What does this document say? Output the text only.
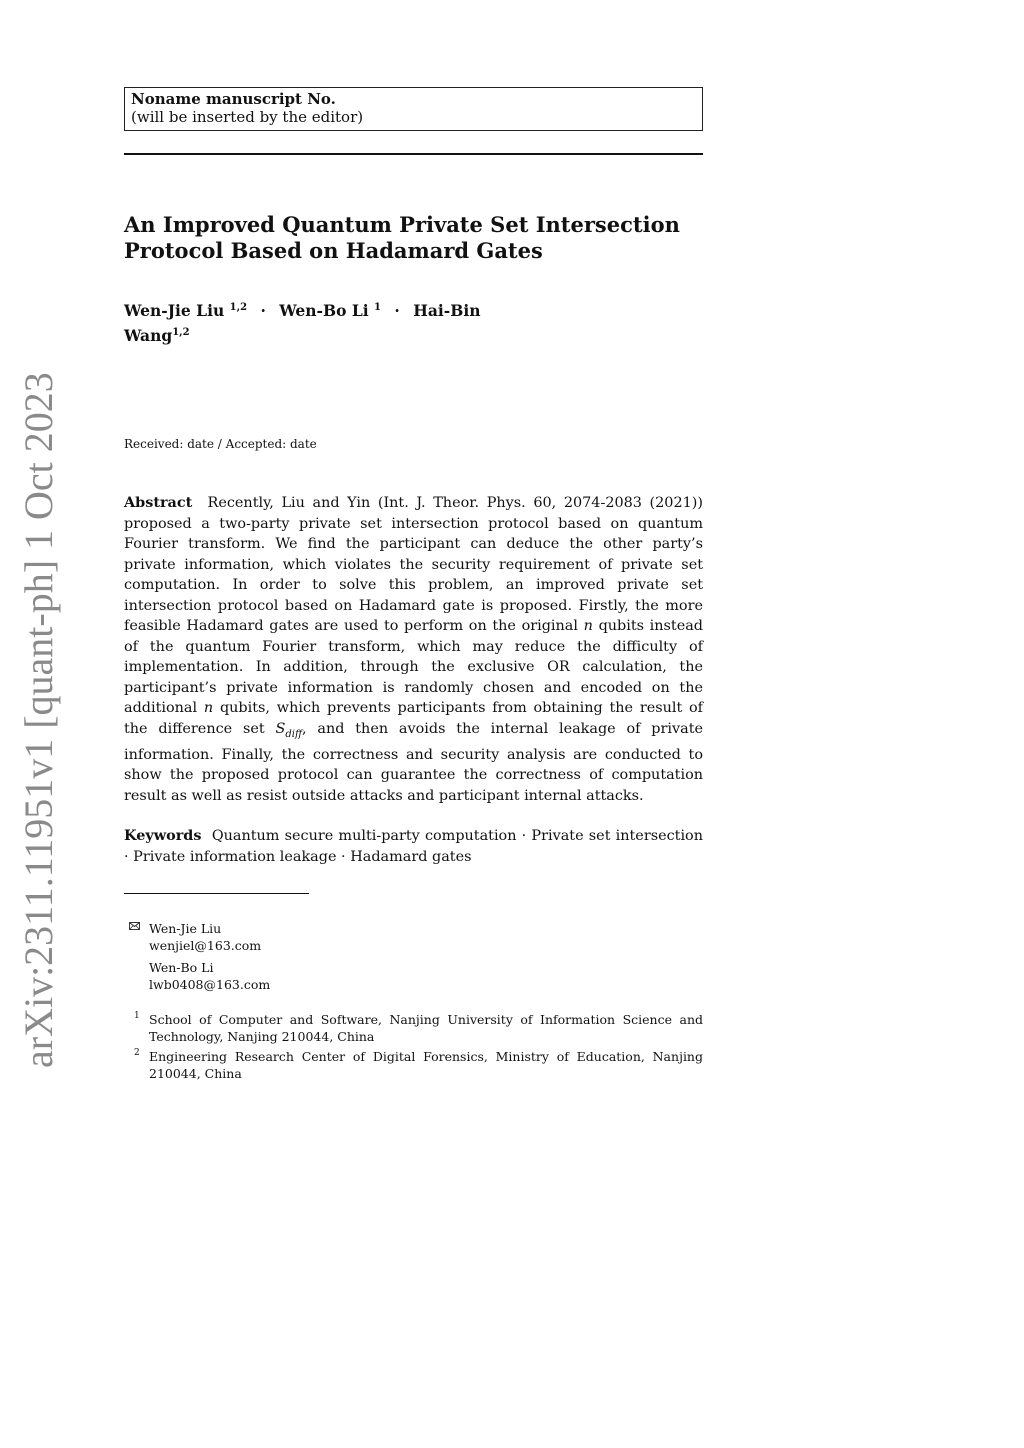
Noname manuscript No.
(will be inserted by the editor)
An Improved Quantum Private Set Intersection Protocol Based on Hadamard Gates
Wen-Jie Liu $^{1,2}$ · Wen-Bo Li $^1$ · Hai-Bin Wang$^{1,2}$
Received: date / Accepted: date

Abstract Recently, Liu and Yin (Int. J. Theor. Phys. 60, 2074-2083 (2021)) proposed a two-party private set intersection protocol based on quantum Fourier transform. We find the participant can deduce the other party’s private information, which violates the security requirement of private set computation. In order to solve this problem, an improved private set intersection protocol based on Hadamard gate is proposed. Firstly, the more feasible Hadamard gates are used to perform on the original n qubits instead of the quantum Fourier transform, which may reduce the difficulty of implementation. In addition, through the exclusive OR calculation, the participant’s private information is randomly chosen and encoded on the additional n qubits, which prevents participants from obtaining the result of the difference set $S_{diff}$, and then avoids the internal leakage of private information. Finally, the correctness and security analysis are conducted to show the proposed protocol can guarantee the correctness of computation result as well as resist outside attacks and participant internal attacks.

Keywords Quantum secure multi-party computation · Private set intersection · Private information leakage · Hadamard gates

Wen-Jie Liu
wenjiel@163.com
Wen-Bo Li
lwb0408@163.com
1 School of Computer and Software, Nanjing University of Information Science and Technology, Nanjing 210044, China
2 Engineering Research Center of Digital Forensics, Ministry of Education, Nanjing 210044, China
arXiv:2311.11951v1 [quant-ph] 1 Oct 2023
